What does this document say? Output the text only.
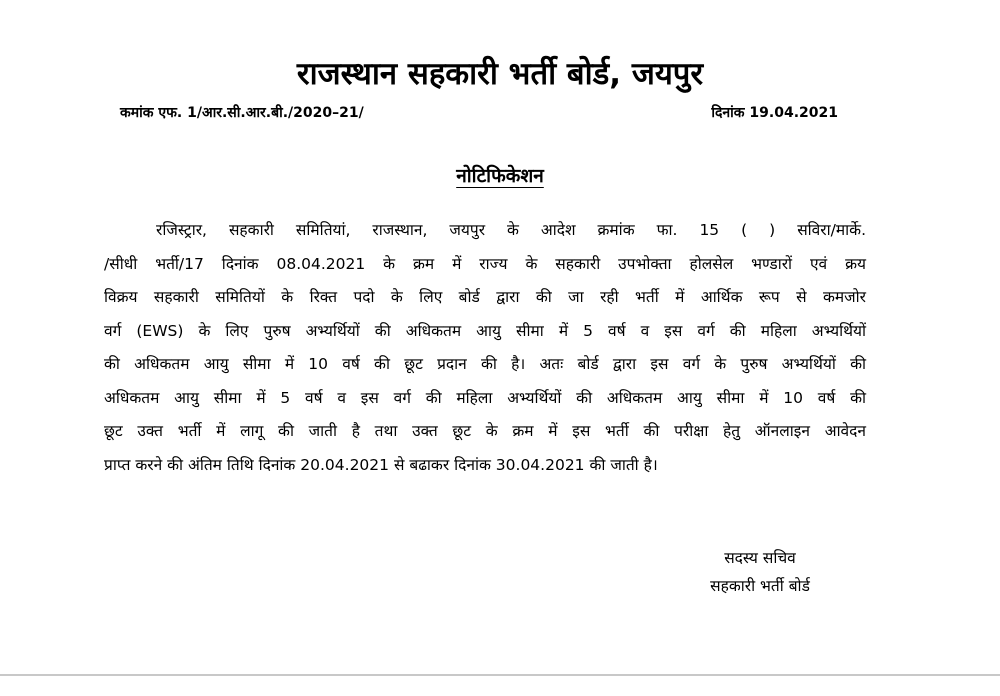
राजस्थान सहकारी भर्ती बोर्ड, जयपुर
कमांक एफ. 1/आर.सी.आर.बी./2020–21/	दिनांक 19.04.2021
नोटिफिकेशन
रजिस्ट्रार, सहकारी समितियां, राजस्थान, जयपुर के आदेश क्रमांक फा. 15 ( ) सविरा/मार्के.
/सीधी भर्ती/17 दिनांक 08.04.2021 के क्रम में राज्य के सहकारी उपभोक्ता होलसेल भण्डारों एवं क्रय
विक्रय सहकारी समितियों के रिक्त पदो के लिए बोर्ड द्वारा की जा रही भर्ती में आर्थिक रूप से कमजोर
वर्ग (EWS) के लिए पुरुष अभ्यर्थियों की अधिकतम आयु सीमा में 5 वर्ष व इस वर्ग की महिला अभ्यर्थियों
की अधिकतम आयु सीमा में 10 वर्ष की छूट प्रदान की है। अतः बोर्ड द्वारा इस वर्ग के पुरुष अभ्यर्थियों की
अधिकतम आयु सीमा में 5 वर्ष व इस वर्ग की महिला अभ्यर्थियों की अधिकतम आयु सीमा में 10 वर्ष की
छूट उक्त भर्ती में लागू की जाती है तथा उक्त छूट के क्रम में इस भर्ती की परीक्षा हेतु ऑनलाइन आवेदन
प्राप्त करने की अंतिम तिथि दिनांक 20.04.2021 से बढाकर दिनांक 30.04.2021 की जाती है।
सदस्य सचिव
सहकारी भर्ती बोर्ड
